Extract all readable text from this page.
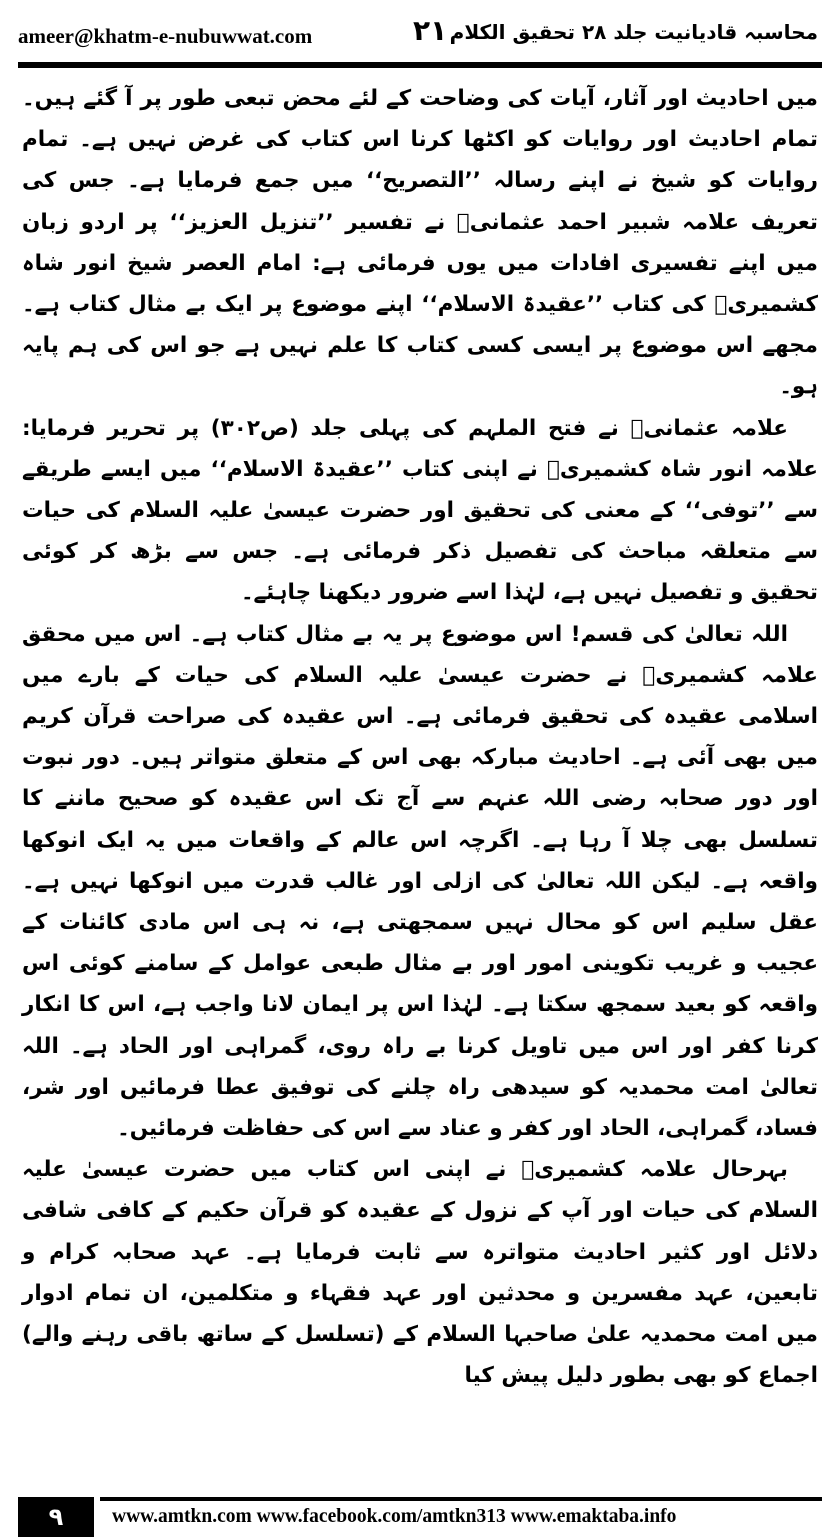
ameer@khatm-e-nubuwwat.com	۲۱ محاسبہ قادیانیت جلد ۲۸ تحقیق الکلام

میں احادیث اور آثار، آیات کی وضاحت کے لئے محض تبعی طور پر آ گئے ہیں۔ تمام احادیث اور روایات کو اکٹھا کرنا اس کتاب کی غرض نہیں ہے۔ تمام روایات کو شیخ نے اپنے رسالہ ’’التصریح‘‘ میں جمع فرمایا ہے۔ جس کی تعریف علامہ شبیر احمد عثمانیؒ نے تفسیر ’’تنزیل العزیز‘‘ پر اردو زبان میں اپنے تفسیری افادات میں یوں فرمائی ہے: امام العصر شیخ انور شاہ کشمیریؒ کی کتاب ’’عقیدۃ الاسلام‘‘ اپنے موضوع پر ایک بے مثال کتاب ہے۔ مجھے اس موضوع پر ایسی کسی کتاب کا علم نہیں ہے جو اس کی ہم پایہ ہو۔

علامہ عثمانیؒ نے فتح الملہم کی پہلی جلد (ص۳۰۲) پر تحریر فرمایا: علامہ انور شاہ کشمیریؒ نے اپنی کتاب ’’عقیدۃ الاسلام‘‘ میں ایسے طریقے سے ’’توفی‘‘ کے معنی کی تحقیق اور حضرت عیسیٰ علیہ السلام کی حیات سے متعلقہ مباحث کی تفصیل ذکر فرمائی ہے۔ جس سے بڑھ کر کوئی تحقیق و تفصیل نہیں ہے، لہٰذا اسے ضرور دیکھنا چاہئے۔

اللہ تعالیٰ کی قسم! اس موضوع پر یہ بے مثال کتاب ہے۔ اس میں محقق علامہ کشمیریؒ نے حضرت عیسیٰ علیہ السلام کی حیات کے بارے میں اسلامی عقیدہ کی تحقیق فرمائی ہے۔ اس عقیدہ کی صراحت قرآن کریم میں بھی آئی ہے۔ احادیث مبارکہ بھی اس کے متعلق متواتر ہیں۔ دور نبوت اور دور صحابہ رضی اللہ عنہم سے آج تک اس عقیدہ کو صحیح ماننے کا تسلسل بھی چلا آ رہا ہے۔ اگرچہ اس عالم کے واقعات میں یہ ایک انوکھا واقعہ ہے۔ لیکن اللہ تعالیٰ کی ازلی اور غالب قدرت میں انوکھا نہیں ہے۔ عقل سلیم اس کو محال نہیں سمجھتی ہے، نہ ہی اس مادی کائنات کے عجیب و غریب تکوینی امور اور بے مثال طبعی عوامل کے سامنے کوئی اس واقعہ کو بعید سمجھ سکتا ہے۔ لہٰذا اس پر ایمان لانا واجب ہے، اس کا انکار کرنا کفر اور اس میں تاویل کرنا بے راہ روی، گمراہی اور الحاد ہے۔ اللہ تعالیٰ امت محمدیہ کو سیدھی راہ چلنے کی توفیق عطا فرمائیں اور شر، فساد، گمراہی، الحاد اور کفر و عناد سے اس کی حفاظت فرمائیں۔

بہرحال علامہ کشمیریؒ نے اپنی اس کتاب میں حضرت عیسیٰ علیہ السلام کی حیات اور آپ کے نزول کے عقیدہ کو قرآن حکیم کے کافی شافی دلائل اور کثیر احادیث متواترہ سے ثابت فرمایا ہے۔ عہد صحابہ کرام و تابعین، عہد مفسرین و محدثین اور عہد فقہاء و متکلمین، ان تمام ادوار میں امت محمدیہ علیٰ صاحبہا السلام کے (تسلسل کے ساتھ باقی رہنے والے) اجماع کو بھی بطور دلیل پیش کیا

۹	www.amtkn.com www.facebook.com/amtkn313 www.emaktaba.info
